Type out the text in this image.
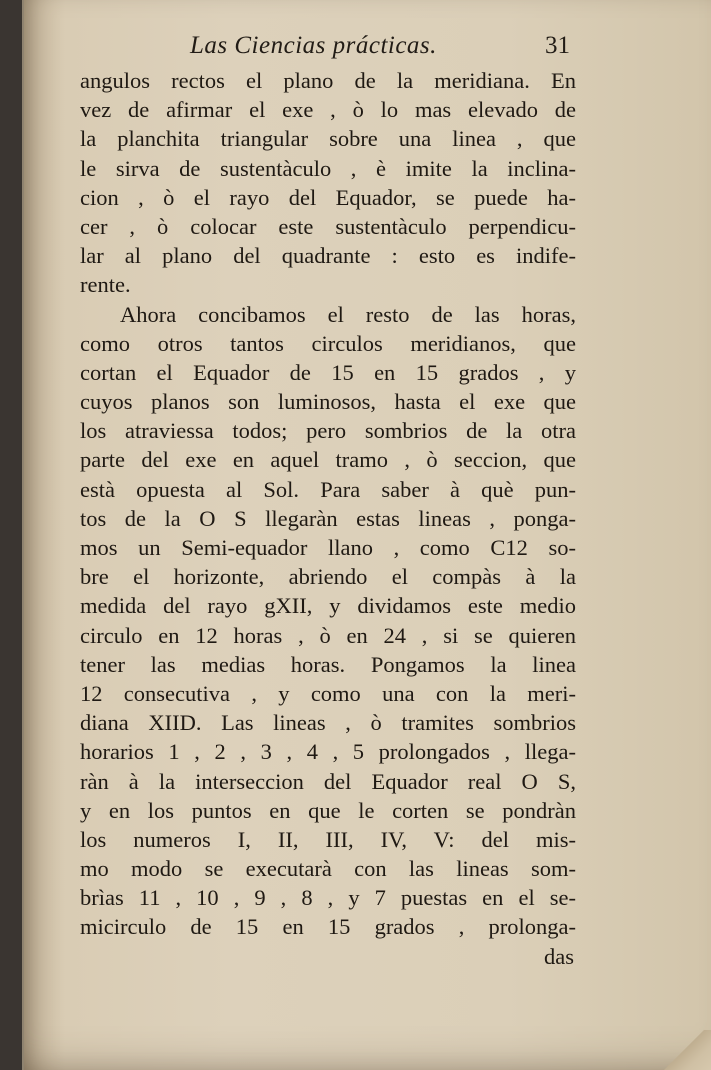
Las Ciencias prácticas.	31
angulos rectos el plano de la meridiana. En
vez de afirmar el exe , ò lo mas elevado de
la planchita triangular sobre una linea , que
le sirva de sustentàculo , è imite la inclina-
cion , ò el rayo del Equador, se puede ha-
cer , ò colocar este sustentàculo perpendicu-
lar al plano del quadrante : esto es indife-
rente.
Ahora concibamos el resto de las horas,
como otros tantos circulos meridianos, que
cortan el Equador de 15 en 15 grados , y
cuyos planos son luminosos, hasta el exe que
los atraviessa todos; pero sombrios de la otra
parte del exe en aquel tramo , ò seccion, que
està opuesta al Sol. Para saber à què pun-
tos de la O S llegaràn estas lineas , ponga-
mos un Semi-equador llano , como C12 so-
bre el horizonte, abriendo el compàs à la
medida del rayo gXII, y dividamos este medio
circulo en 12 horas , ò en 24 , si se quieren
tener las medias horas. Pongamos la linea
12 consecutiva , y como una con la meri-
diana XIID. Las lineas , ò tramites sombrios
horarios 1 , 2 , 3 , 4 , 5 prolongados , llega-
ràn à la interseccion del Equador real O S,
y en los puntos en que le corten se pondràn
los numeros I, II, III, IV, V: del mis-
mo modo se executarà con las lineas som-
brìas 11 , 10 , 9 , 8 , y 7 puestas en el se-
micirculo de 15 en 15 grados , prolonga-
das
